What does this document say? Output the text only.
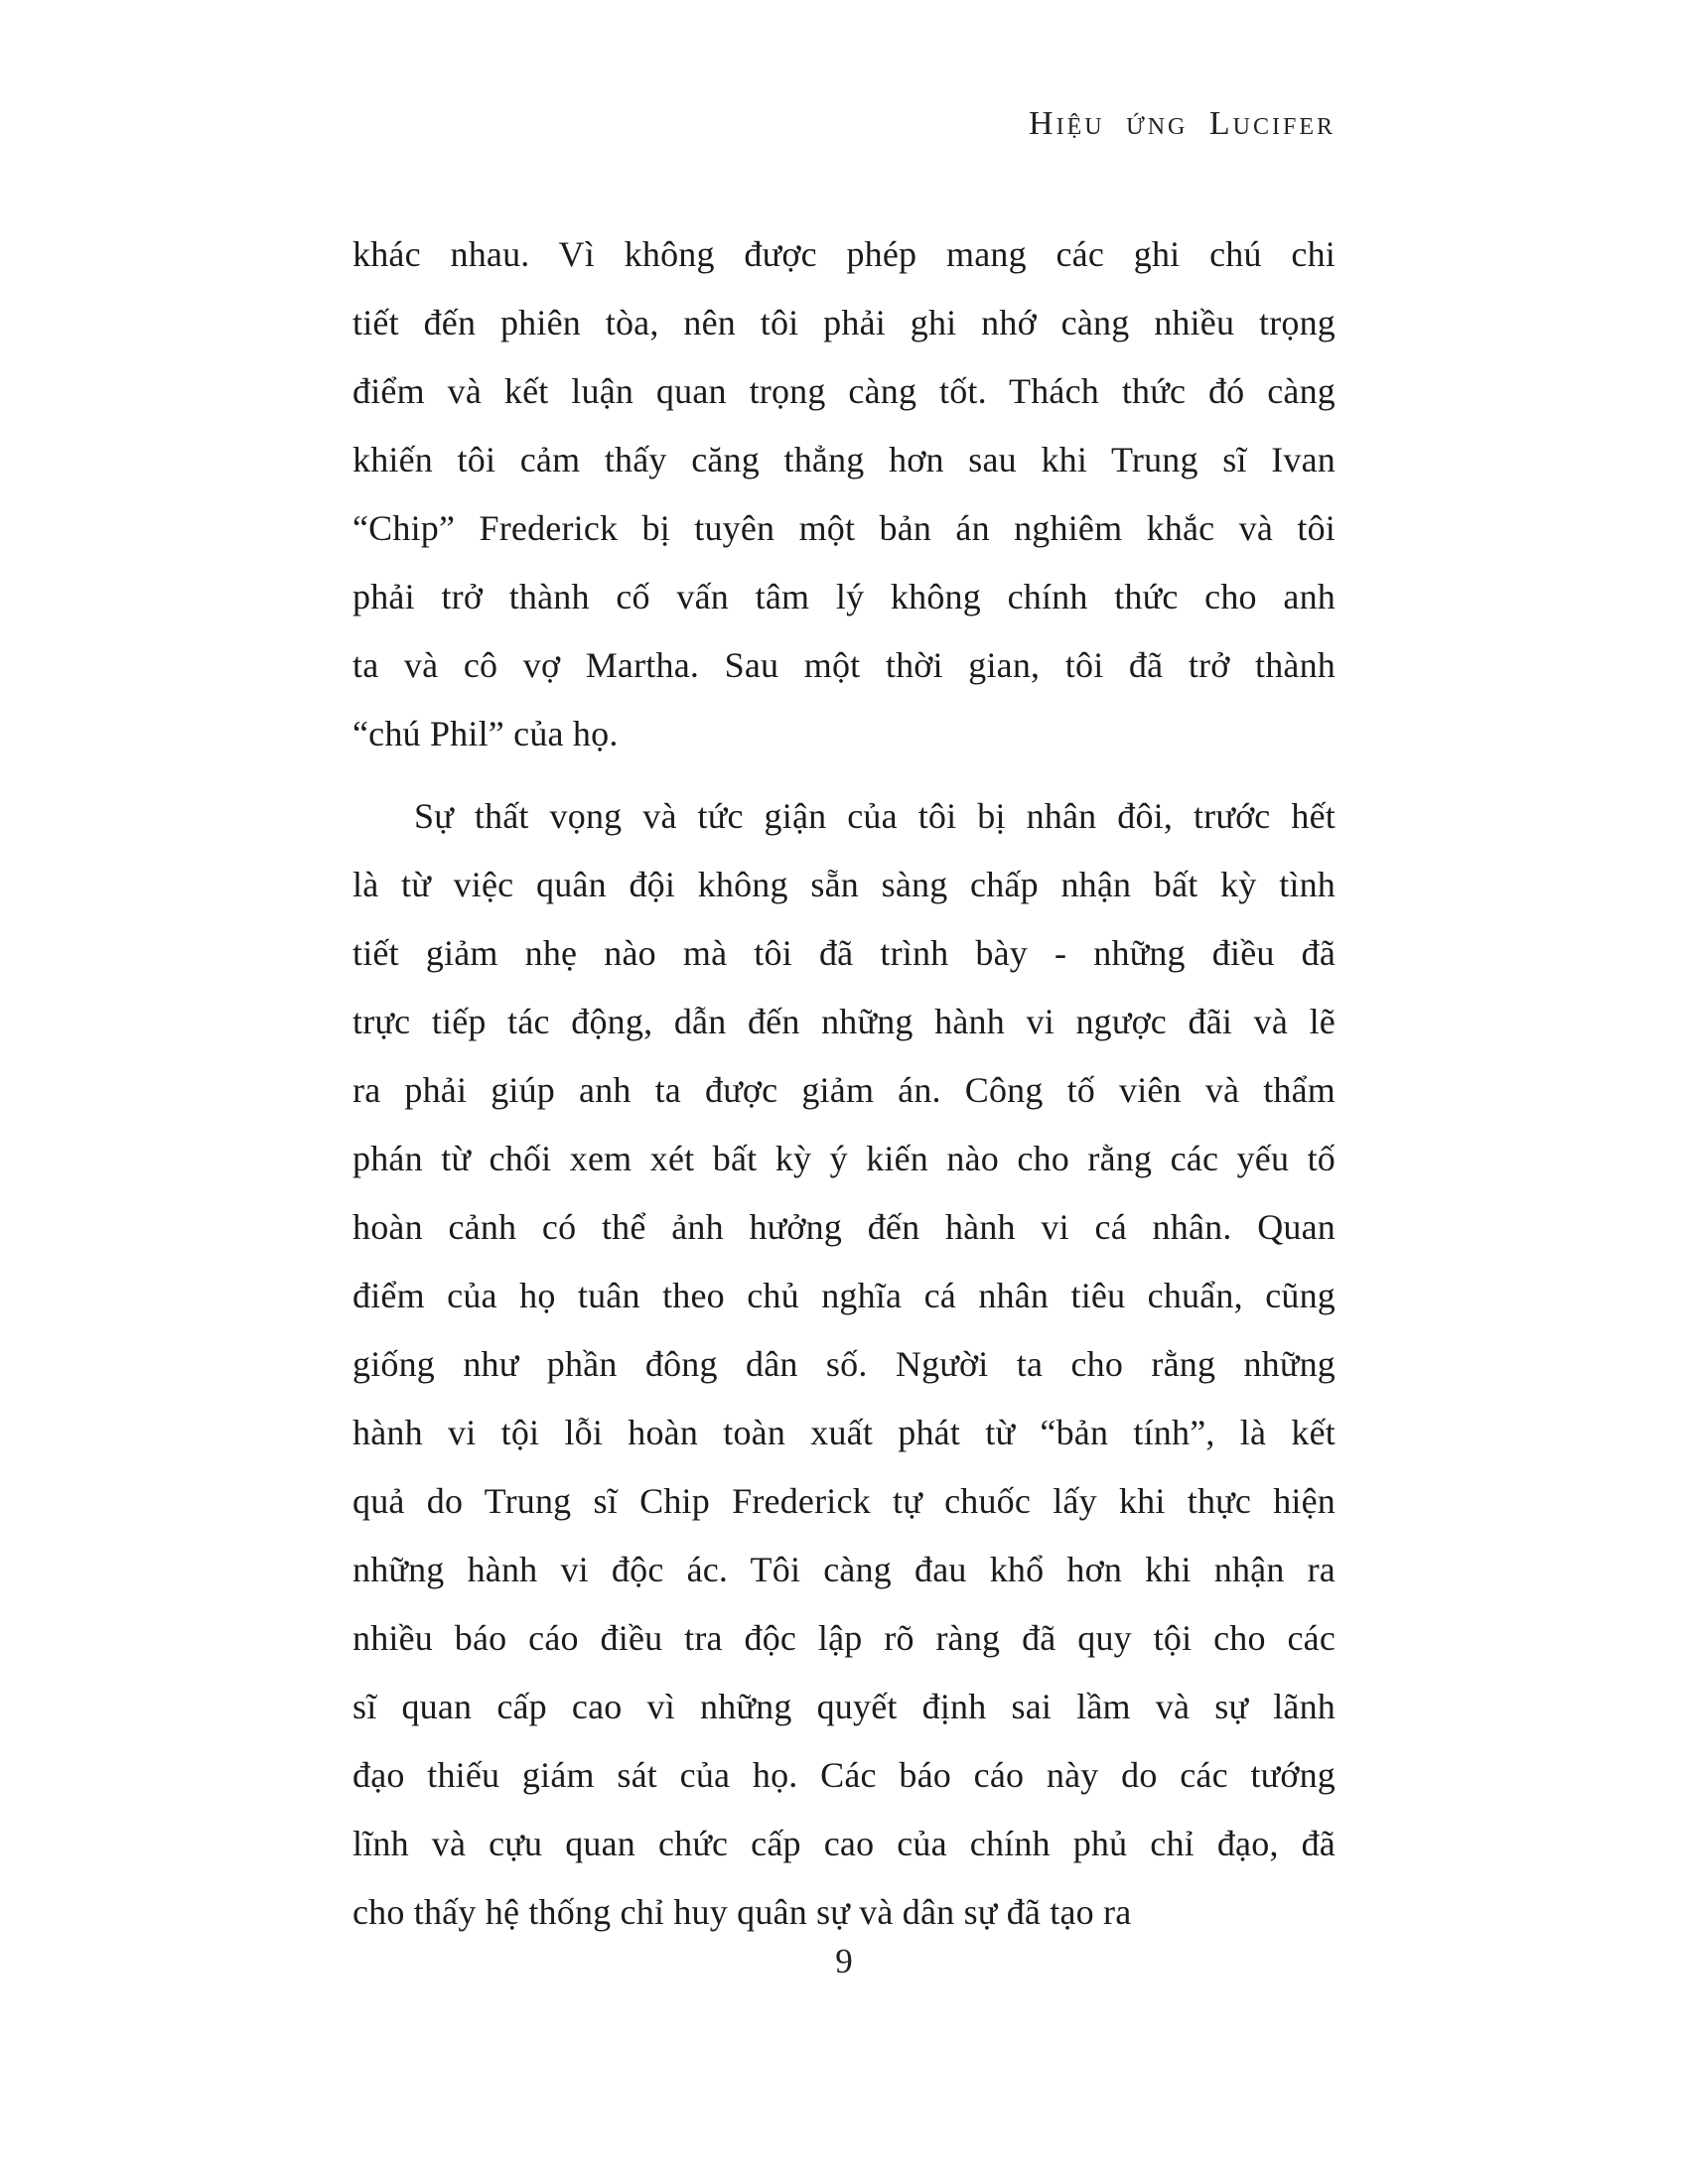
Hiệu ứng Lucifer
khác nhau. Vì không được phép mang các ghi chú chi
tiết đến phiên tòa, nên tôi phải ghi nhớ càng nhiều trọng
điểm và kết luận quan trọng càng tốt. Thách thức đó càng
khiến tôi cảm thấy căng thẳng hơn sau khi Trung sĩ Ivan
“Chip” Frederick bị tuyên một bản án nghiêm khắc và tôi
phải trở thành cố vấn tâm lý không chính thức cho anh
ta và cô vợ Martha. Sau một thời gian, tôi đã trở thành
“chú Phil” của họ.
Sự thất vọng và tức giận của tôi bị nhân đôi, trước hết
là từ việc quân đội không sẵn sàng chấp nhận bất kỳ tình
tiết giảm nhẹ nào mà tôi đã trình bày - những điều đã
trực tiếp tác động, dẫn đến những hành vi ngược đãi và lẽ
ra phải giúp anh ta được giảm án. Công tố viên và thẩm
phán từ chối xem xét bất kỳ ý kiến nào cho rằng các yếu tố
hoàn cảnh có thể ảnh hưởng đến hành vi cá nhân. Quan
điểm của họ tuân theo chủ nghĩa cá nhân tiêu chuẩn, cũng
giống như phần đông dân số. Người ta cho rằng những
hành vi tội lỗi hoàn toàn xuất phát từ “bản tính”, là kết
quả do Trung sĩ Chip Frederick tự chuốc lấy khi thực hiện
những hành vi độc ác. Tôi càng đau khổ hơn khi nhận ra
nhiều báo cáo điều tra độc lập rõ ràng đã quy tội cho các
sĩ quan cấp cao vì những quyết định sai lầm và sự lãnh
đạo thiếu giám sát của họ. Các báo cáo này do các tướng
lĩnh và cựu quan chức cấp cao của chính phủ chỉ đạo, đã
cho thấy hệ thống chỉ huy quân sự và dân sự đã tạo ra
9
